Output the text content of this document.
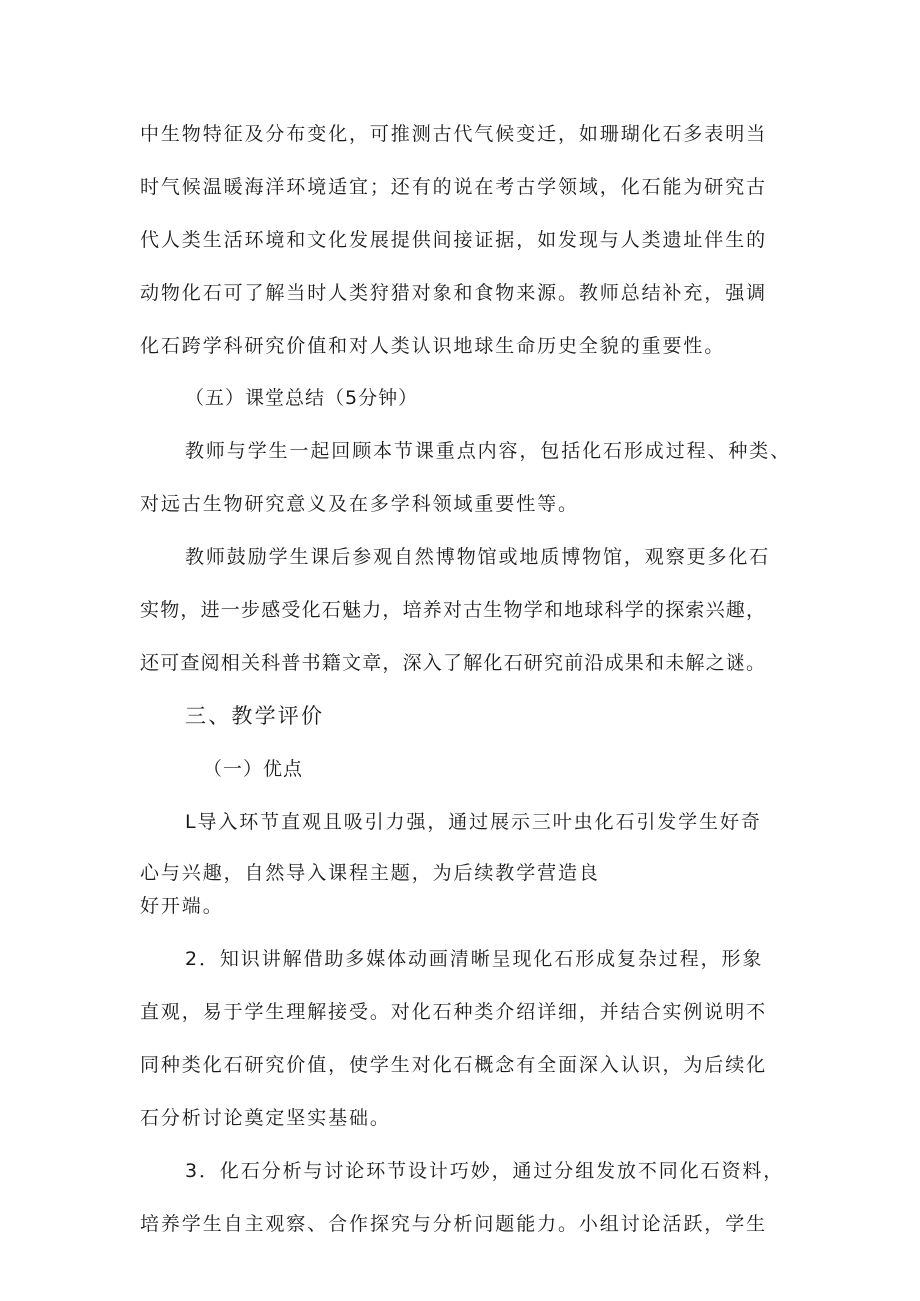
中生物特征及分布变化，可推测古代气候变迁，如珊瑚化石多表明当
时气候温暖海洋环境适宜；还有的说在考古学领域，化石能为研究古
代人类生活环境和文化发展提供间接证据，如发现与人类遗址伴生的
动物化石可了解当时人类狩猎对象和食物来源。教师总结补充，强调
化石跨学科研究价值和对人类认识地球生命历史全貌的重要性。
（五）课堂总结（5分钟）
教师与学生一起回顾本节课重点内容，包括化石形成过程、种类、
对远古生物研究意义及在多学科领域重要性等。
教师鼓励学生课后参观自然博物馆或地质博物馆，观察更多化石
实物，进一步感受化石魅力，培养对古生物学和地球科学的探索兴趣，
还可查阅相关科普书籍文章，深入了解化石研究前沿成果和未解之谜。
三、教学评价
（一）优点
L导入环节直观且吸引力强，通过展示三叶虫化石引发学生好奇
心与兴趣，自然导入课程主题，为后续教学营造良
好开端。
2．知识讲解借助多媒体动画清晰呈现化石形成复杂过程，形象
直观，易于学生理解接受。对化石种类介绍详细，并结合实例说明不
同种类化石研究价值，使学生对化石概念有全面深入认识，为后续化
石分析讨论奠定坚实基础。
3．化石分析与讨论环节设计巧妙，通过分组发放不同化石资料，
培养学生自主观察、合作探究与分析问题能力。小组讨论活跃，学生
